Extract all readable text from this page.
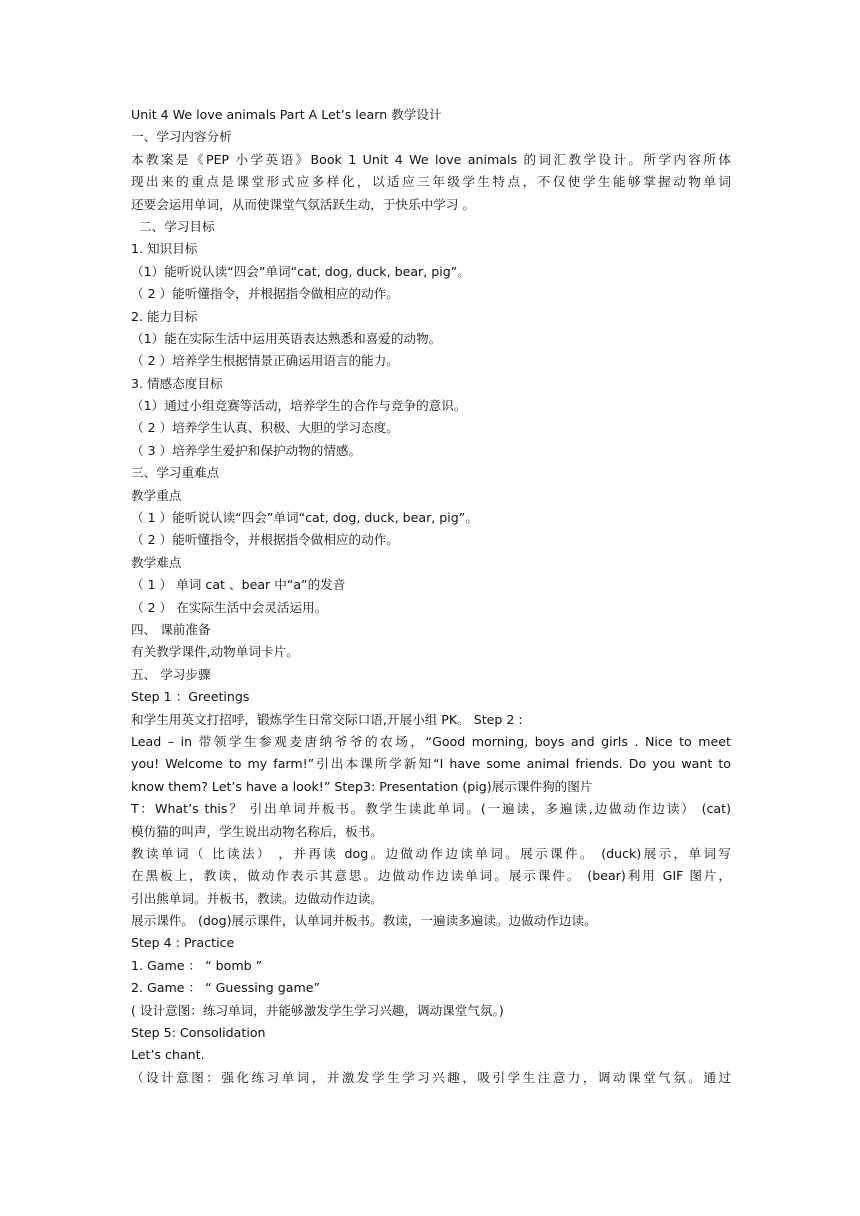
Unit 4 We love animals Part A Let’s learn 教学设计
一、学习内容分析
本教案是《PEP 小学英语》Book 1 Unit 4 We love animals 的词汇教学设计。所学内容所体
现出来的重点是课堂形式应多样化，以适应三年级学生特点，不仅使学生能够掌握动物单词
还要会运用单词，从而使课堂气氛活跃生动，于快乐中学习 。
二、学习目标
1. 知识目标
（1）能听说认读“四会”单词“cat, dog, duck, bear, pig”。
（ 2 ）能听懂指令，并根据指令做相应的动作。
2. 能力目标
（1）能在实际生活中运用英语表达熟悉和喜爱的动物。
（ 2 ）培养学生根据情景正确运用语言的能力。
3. 情感态度目标
（1）通过小组竞赛等活动，培养学生的合作与竞争的意识。
（ 2 ）培养学生认真、积极、大胆的学习态度。
（ 3 ）培养学生爱护和保护动物的情感。
三、学习重难点
教学重点
（ 1 ）能听说认读“四会”单词“cat, dog, duck, bear, pig”。
（ 2 ）能听懂指令，并根据指令做相应的动作。
教学难点
（ 1 ） 单词 cat 、bear 中“a”的发音
（ 2 ） 在实际生活中会灵活运用。
四、 课前准备
有关教学课件,动物单词卡片。
五、 学习步骤
Step 1 ：Greetings
和学生用英文打招呼，锻炼学生日常交际口语,开展小组 PK。 Step 2 :
Lead – in 带领学生参观麦唐纳爷爷的农场，“Good morning, boys and girls . Nice to meet
you! Welcome to my farm!”引出本课所学新知“I have some animal friends. Do you want to
know them? Let’s have a look!” Step3: Presentation (pig)展示课件狗的图片
T：What’s this？ 引出单词并板书。教学生读此单词。(一遍读，多遍读,边做动作边读） (cat)
模仿猫的叫声，学生说出动物名称后，板书。
教读单词（ 比读法） ，并再读 dog。边做动作边读单词。展示课件。 (duck)展示，单词写
在黑板上，教读，做动作表示其意思。边做动作边读单词。展示课件。 (bear)利用 GIF 图片，
引出熊单词。并板书，教读。边做动作边读。
展示课件。 (dog)展示课件，认单词并板书。教读，一遍读多遍读。边做动作边读。
Step 4 : Practice
1. Game ： “ bomb ”
2. Game ： “ Guessing game”
( 设计意图：练习单词，并能够激发学生学习兴趣，调动课堂气氛。)
Step 5: Consolidation
Let’s chant.
（设计意图：强化练习单词，并激发学生学习兴趣，吸引学生注意力，调动课堂气氛。通过
